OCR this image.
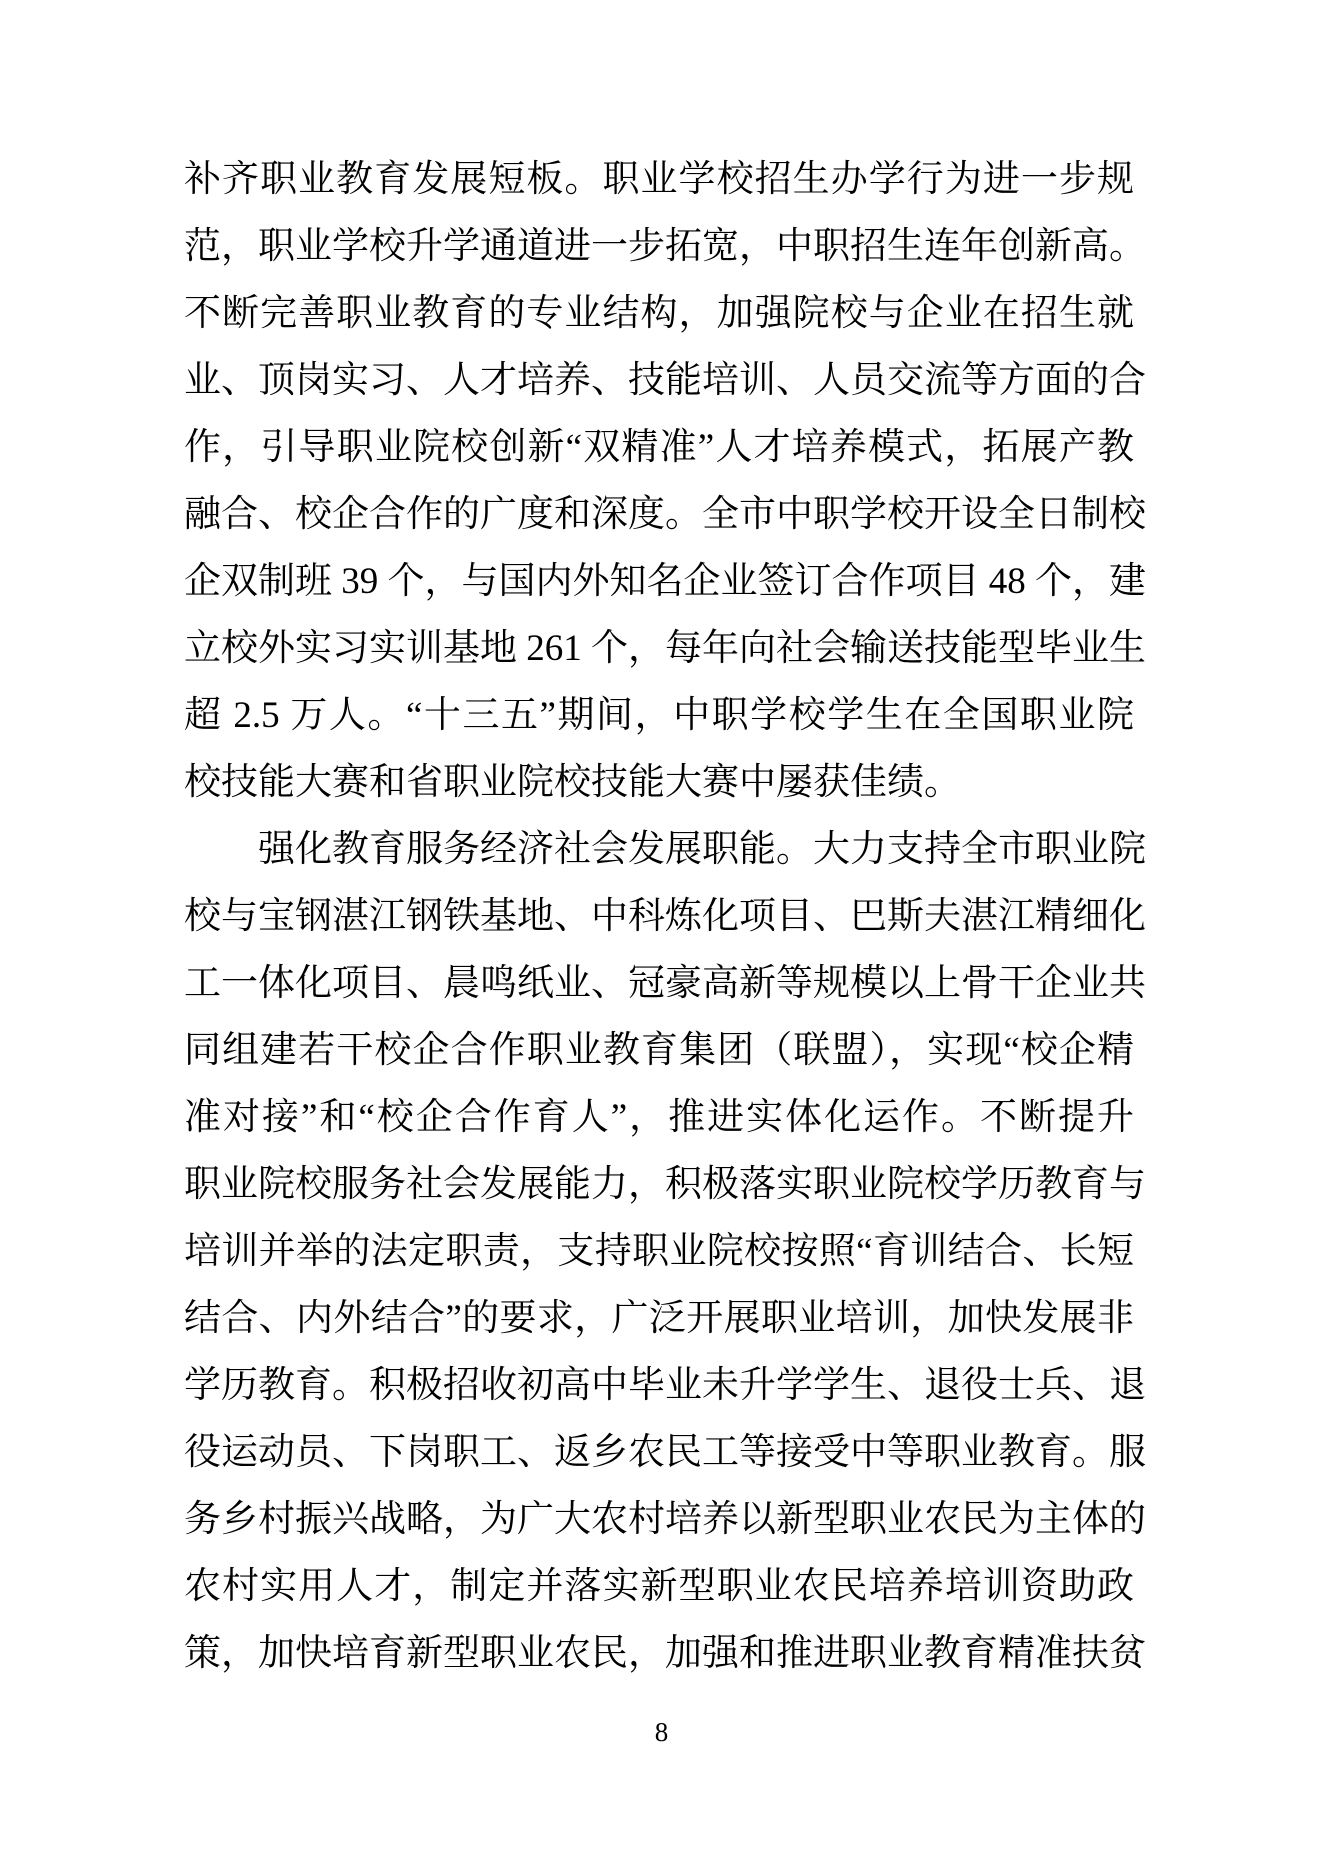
补齐职业教育发展短板。职业学校招生办学行为进一步规
范，职业学校升学通道进一步拓宽，中职招生连年创新高。
不断完善职业教育的专业结构，加强院校与企业在招生就
业、顶岗实习、人才培养、技能培训、人员交流等方面的合
作，引导职业院校创新“双精准”人才培养模式，拓展产教
融合、校企合作的广度和深度。全市中职学校开设全日制校
企双制班 39 个，与国内外知名企业签订合作项目 48 个，建
立校外实习实训基地 261 个，每年向社会输送技能型毕业生
超 2.5 万人。“十三五”期间，中职学校学生在全国职业院
校技能大赛和省职业院校技能大赛中屡获佳绩。
强化教育服务经济社会发展职能。大力支持全市职业院
校与宝钢湛江钢铁基地、中科炼化项目、巴斯夫湛江精细化
工一体化项目、晨鸣纸业、冠豪高新等规模以上骨干企业共
同组建若干校企合作职业教育集团（联盟），实现“校企精
准对接”和“校企合作育人”，推进实体化运作。不断提升
职业院校服务社会发展能力，积极落实职业院校学历教育与
培训并举的法定职责，支持职业院校按照“育训结合、长短
结合、内外结合”的要求，广泛开展职业培训，加快发展非
学历教育。积极招收初高中毕业未升学学生、退役士兵、退
役运动员、下岗职工、返乡农民工等接受中等职业教育。服
务乡村振兴战略，为广大农村培养以新型职业农民为主体的
农村实用人才，制定并落实新型职业农民培养培训资助政
策，加快培育新型职业农民，加强和推进职业教育精准扶贫
8
